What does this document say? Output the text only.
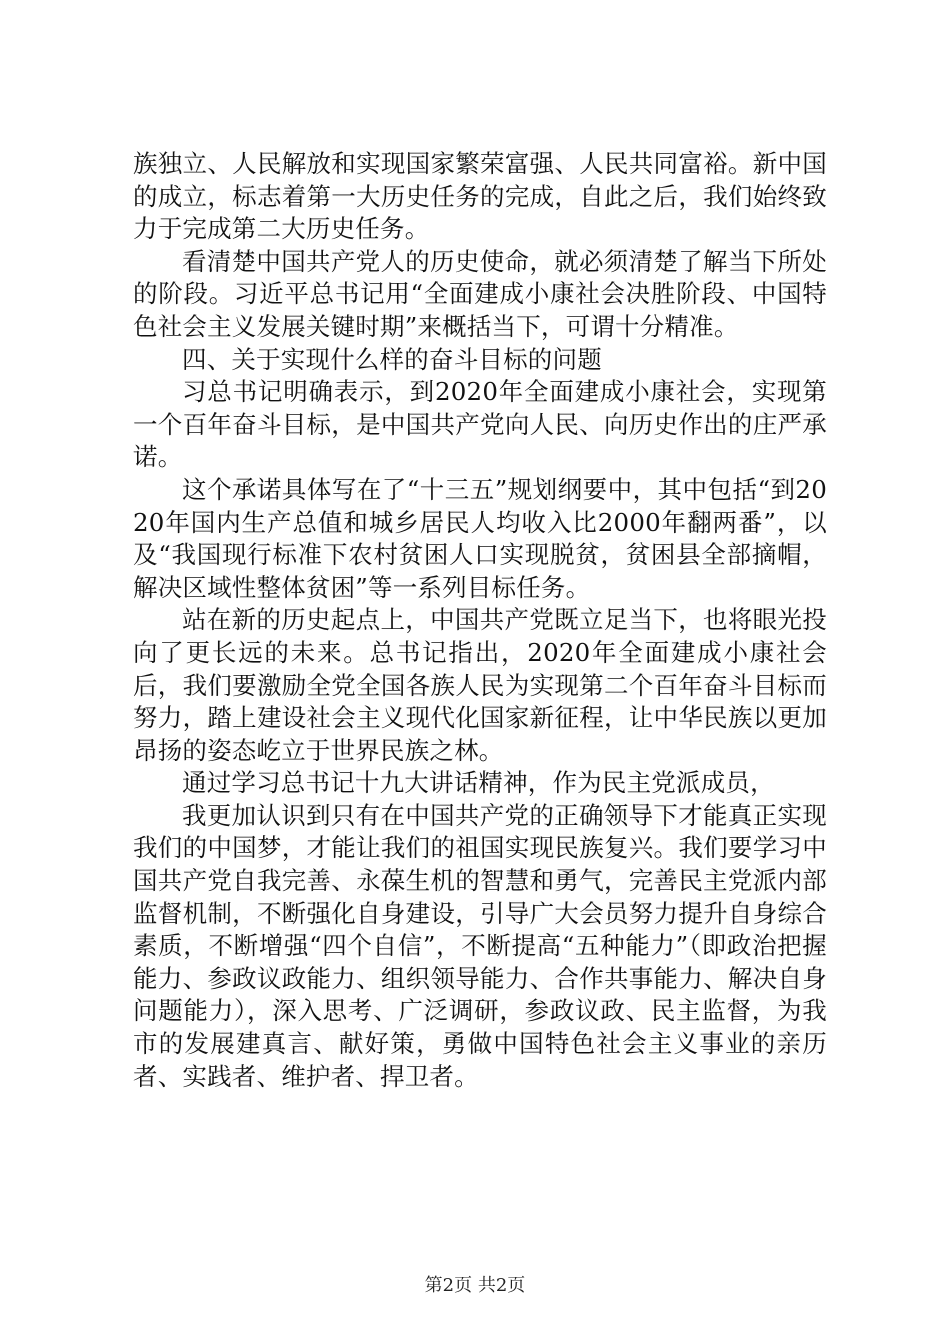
族独立、人民解放和实现国家繁荣富强、人民共同富裕。新中国的成立，标志着第一大历史任务的完成，自此之后，我们始终致力于完成第二大历史任务。

看清楚中国共产党人的历史使命，就必须清楚了解当下所处的阶段。习近平总书记用“全面建成小康社会决胜阶段、中国特色社会主义发展关键时期”来概括当下，可谓十分精准。

四、关于实现什么样的奋斗目标的问题

习总书记明确表示，到2020年全面建成小康社会，实现第一个百年奋斗目标，是中国共产党向人民、向历史作出的庄严承诺。

这个承诺具体写在了“十三五”规划纲要中，其中包括“到2020年国内生产总值和城乡居民人均收入比2000年翻两番”，以及“我国现行标准下农村贫困人口实现脱贫，贫困县全部摘帽，解决区域性整体贫困”等一系列目标任务。

站在新的历史起点上，中国共产党既立足当下，也将眼光投向了更长远的未来。总书记指出，2020年全面建成小康社会后，我们要激励全党全国各族人民为实现第二个百年奋斗目标而努力，踏上建设社会主义现代化国家新征程，让中华民族以更加昂扬的姿态屹立于世界民族之林。

通过学习总书记十九大讲话精神，作为民主党派成员，

我更加认识到只有在中国共产党的正确领导下才能真正实现我们的中国梦，才能让我们的祖国实现民族复兴。我们要学习中国共产党自我完善、永葆生机的智慧和勇气，完善民主党派内部监督机制，不断强化自身建设，引导广大会员努力提升自身综合素质，不断增强“四个自信”，不断提高“五种能力”（即政治把握能力、参政议政能力、组织领导能力、合作共事能力、解决自身问题能力），深入思考、广泛调研，参政议政、民主监督，为我市的发展建真言、献好策，勇做中国特色社会主义事业的亲历者、实践者、维护者、捍卫者。

第2页 共2页
